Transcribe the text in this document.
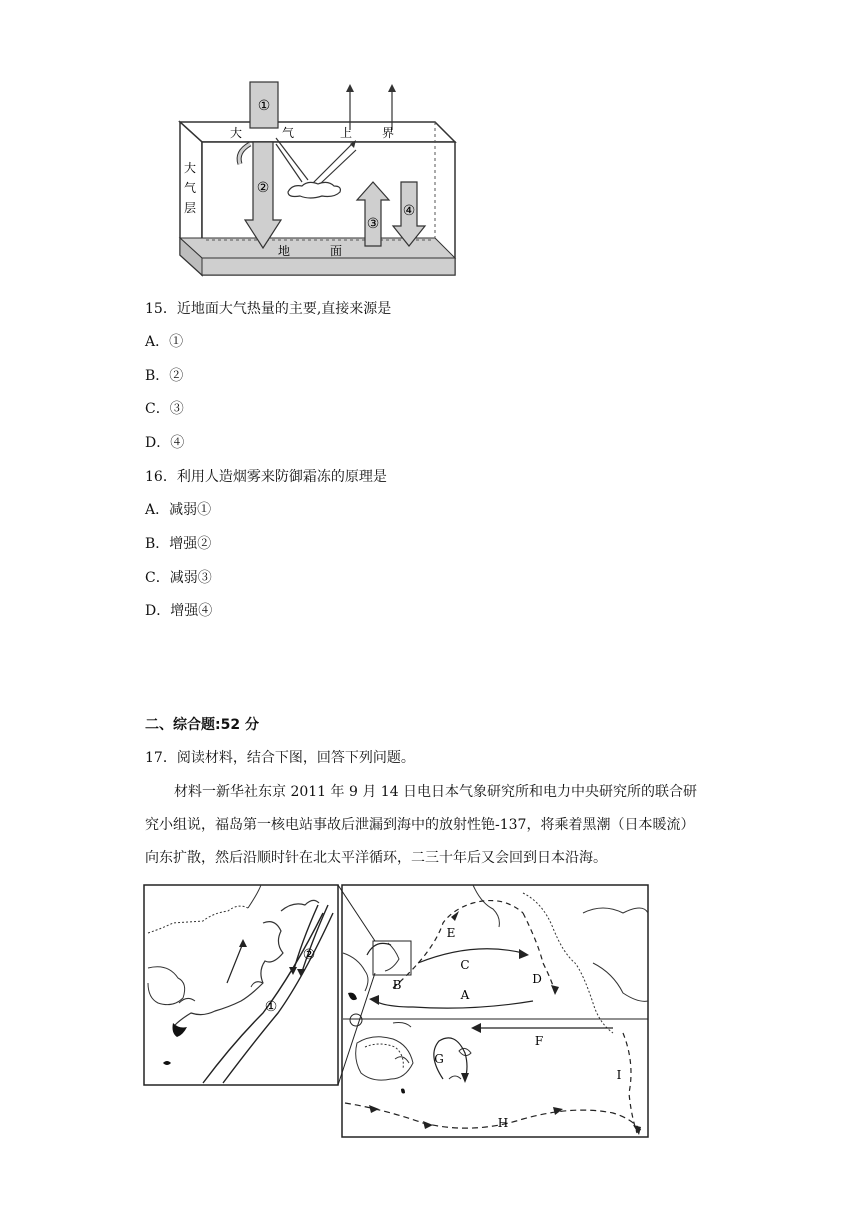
①
②
③
④
大	气	上 界
大
气
层
地	面
15．近地面大气热量的主要,直接来源是
A．①
B．②
C．③
D．④
16．利用人造烟雾来防御霜冻的原理是
A．减弱①
B．增强②
C．减弱③
D．增强④
二、综合题:52 分
17．阅读材料，结合下图，回答下列问题。
材料一新华社东京 2011 年 9 月 14 日电日本气象研究所和电力中央研究所的联合研
究小组说，福岛第一核电站事故后泄漏到海中的放射性铯-137，将乘着黑潮（日本暖流）
向东扩散，然后沿顺时针在北太平洋循环，二三十年后又会回到日本沿海。
②
①
E
C
B	D
A
F
G
I
H
